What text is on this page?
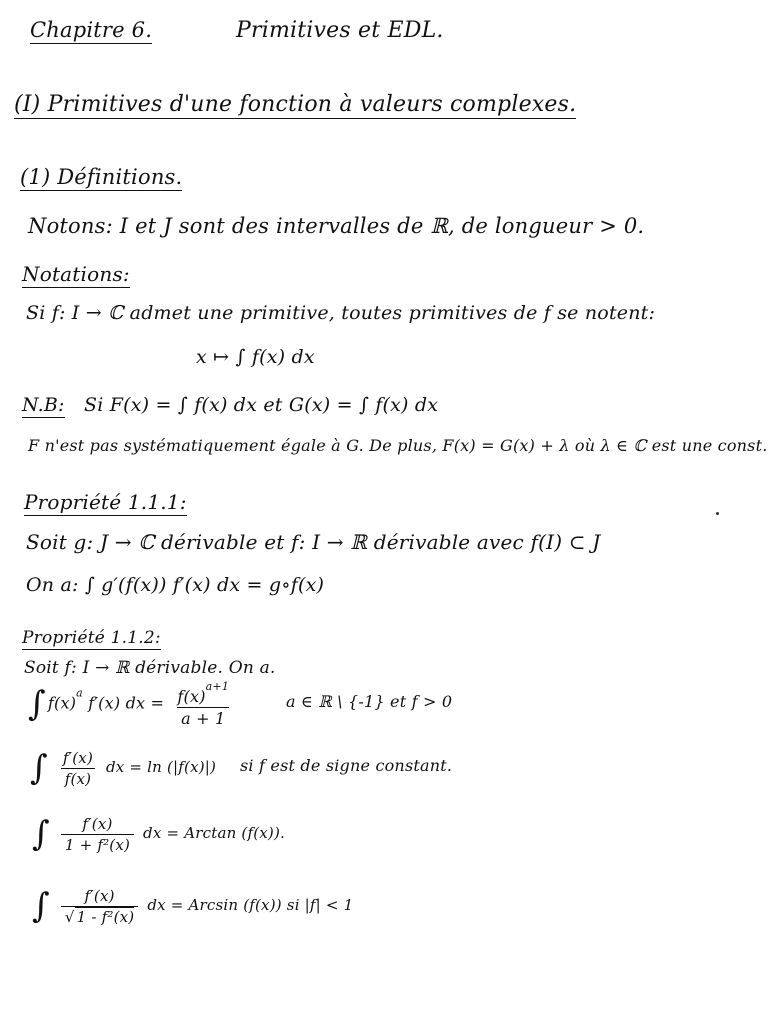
Chapitre 6.	Primitives et EDL.
(I) Primitives d'une fonction à valeurs complexes.
(1) Définitions.
Notons: I et J sont des intervalles de ℝ, de longueur > 0.
Notations:
Si f: I → ℂ admet une primitive, toutes primitives de f se notent:
x ↦ ∫ f(x) dx
N.B: Si F(x) = ∫ f(x) dx et G(x) = ∫ f(x) dx
F n'est pas systématiquement égale à G. De plus, F(x) = G(x) + λ où λ ∈ ℂ est une const.
Propriété 1.1.1:
Soit g: J → ℂ dérivable et f: I → ℝ dérivable avec f(I) ⊂ J
On a: ∫ g′(f(x)) f′(x) dx = g∘f(x)
Propriété 1.1.2:
Soit f: I → ℝ dérivable. On a.
∫ $f(x)^a$ f′(x) dx = $\frac{f(x)^{a+1}}{a + 1}$	a ∈ ℝ \ {-1} et f > 0
∫ $\frac{f'(x)}{f(x)}$ dx = ln (|f(x)|) si f est de signe constant.
∫ $\frac{f'(x)}{\text{1 + f²(x)}}$ dx = Arctan (f(x)).
∫ $\frac{f'(x)}{\text{√ 1 - f²(x)}}$ dx = Arcsin (f(x)) si |f| < 1
